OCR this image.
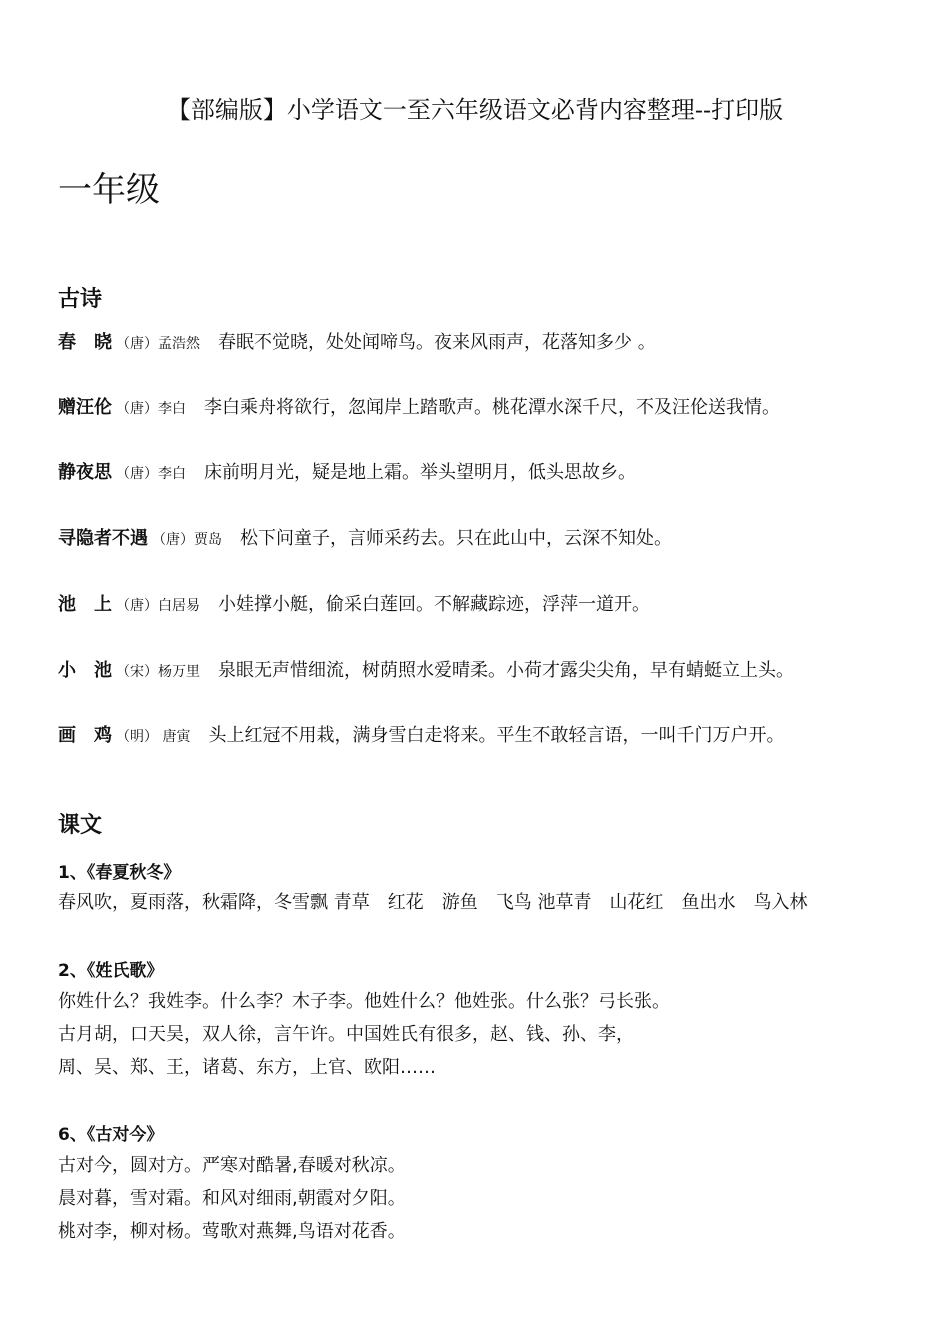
【部编版】小学语文一至六年级语文必背内容整理--打印版
一年级
古诗
春　晓 （唐）孟浩然 春眠不觉晓，处处闻啼鸟。夜来风雨声，花落知多少 。
赠汪伦 （唐）李白 李白乘舟将欲行，忽闻岸上踏歌声。桃花潭水深千尺，不及汪伦送我情。
静夜思 （唐）李白 床前明月光，疑是地上霜。举头望明月，低头思故乡。
寻隐者不遇 （唐）贾岛 松下问童子，言师采药去。只在此山中，云深不知处。
池　上 （唐）白居易 小娃撑小艇，偷采白莲回。不解藏踪迹，浮萍一道开。
小　池 （宋）杨万里 泉眼无声惜细流，树荫照水爱晴柔。小荷才露尖尖角，早有蜻蜓立上头。
画　鸡 （明） 唐寅 头上红冠不用栽，满身雪白走将来。平生不敢轻言语，一叫千门万户开。
课文
1、《春夏秋冬》
春风吹，夏雨落，秋霜降，冬雪飘 青草　红花　游鱼　飞鸟 池草青　山花红　鱼出水　鸟入林
2、《姓氏歌》
你姓什么？我姓李。什么李？木子李。他姓什么？他姓张。什么张？弓长张。
古月胡，口天吴，双人徐，言午许。中国姓氏有很多，赵、钱、孙、李，
周、吴、郑、王，诸葛、东方，上官、欧阳……
6、《古对今》
古对今，圆对方。严寒对酷暑,春暖对秋凉。
晨对暮，雪对霜。和风对细雨,朝霞对夕阳。
桃对李，柳对杨。莺歌对燕舞,鸟语对花香。
